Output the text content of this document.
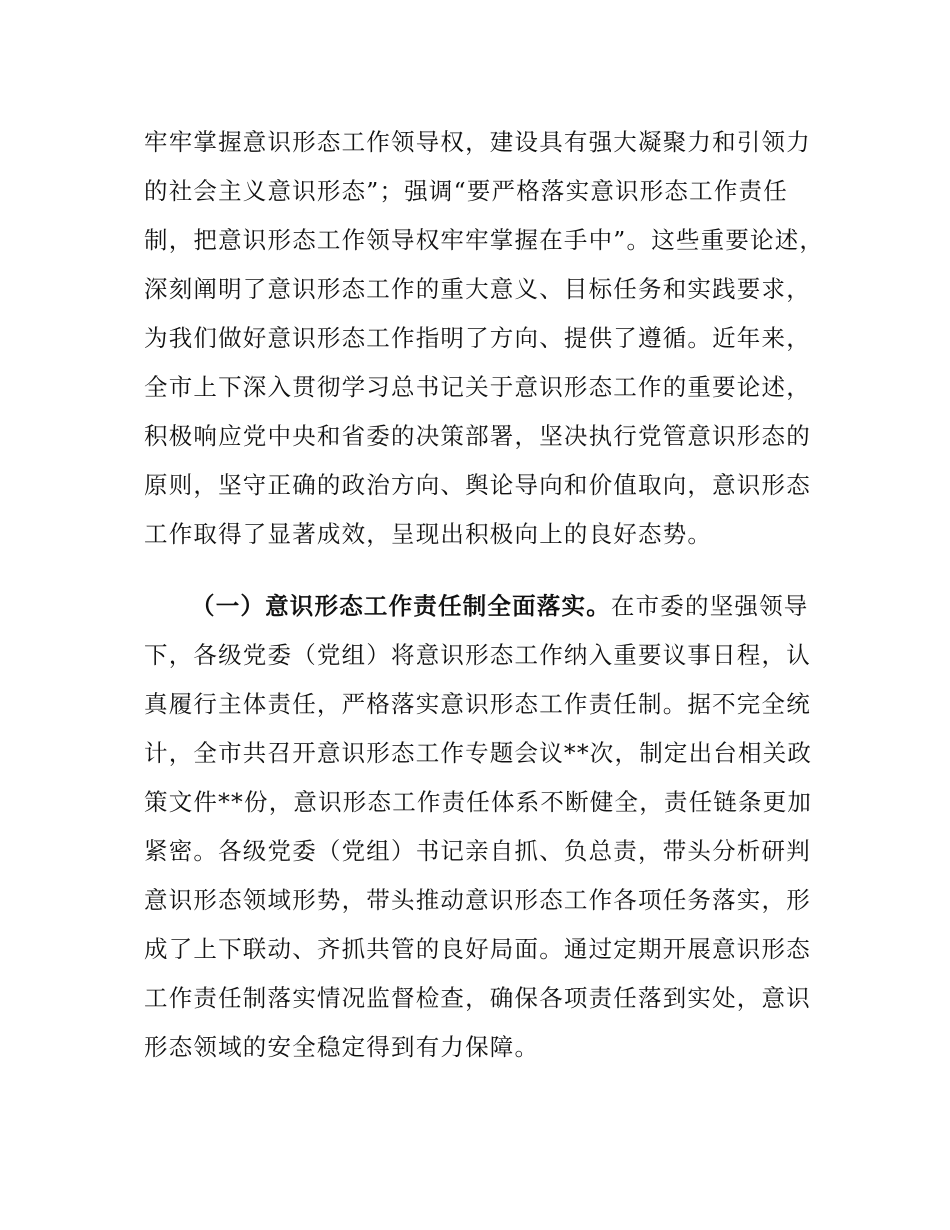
牢牢掌握意识形态工作领导权，建设具有强大凝聚力和引领力
的社会主义意识形态”；强调“要严格落实意识形态工作责任
制，把意识形态工作领导权牢牢掌握在手中”。这些重要论述，
深刻阐明了意识形态工作的重大意义、目标任务和实践要求，
为我们做好意识形态工作指明了方向、提供了遵循。近年来，
全市上下深入贯彻学习总书记关于意识形态工作的重要论述，
积极响应党中央和省委的决策部署，坚决执行党管意识形态的
原则，坚守正确的政治方向、舆论导向和价值取向，意识形态
工作取得了显著成效，呈现出积极向上的良好态势。
（一）意识形态工作责任制全面落实。在市委的坚强领导
下，各级党委（党组）将意识形态工作纳入重要议事日程，认
真履行主体责任，严格落实意识形态工作责任制。据不完全统
计，全市共召开意识形态工作专题会议**次，制定出台相关政
策文件**份，意识形态工作责任体系不断健全，责任链条更加
紧密。各级党委（党组）书记亲自抓、负总责，带头分析研判
意识形态领域形势，带头推动意识形态工作各项任务落实，形
成了上下联动、齐抓共管的良好局面。通过定期开展意识形态
工作责任制落实情况监督检查，确保各项责任落到实处，意识
形态领域的安全稳定得到有力保障。
